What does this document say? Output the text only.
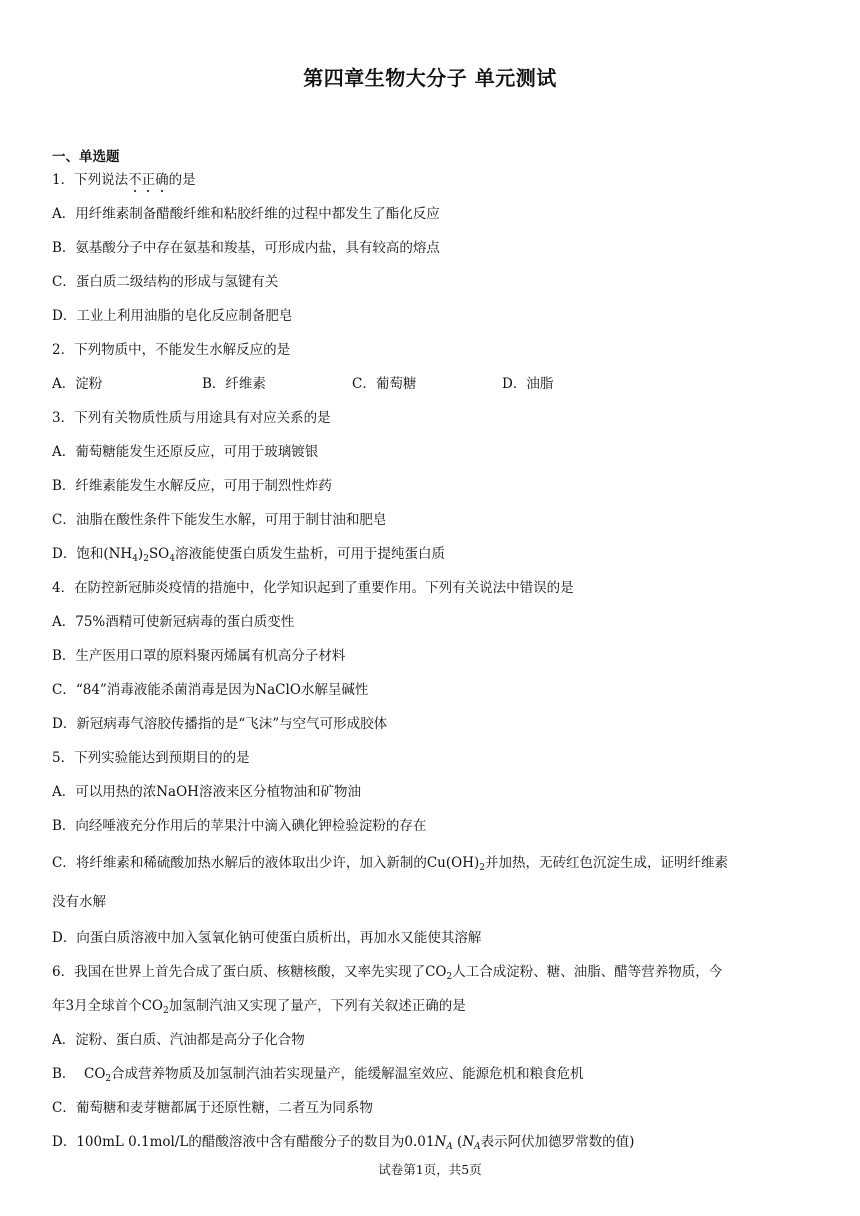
第四章生物大分子 单元测试
一、单选题
1．下列说法不正确的是
A．用纤维素制备醋酸纤维和粘胶纤维的过程中都发生了酯化反应
B．氨基酸分子中存在氨基和羧基，可形成内盐，具有较高的熔点
C．蛋白质二级结构的形成与氢键有关
D．工业上利用油脂的皂化反应制备肥皂
2．下列物质中，不能发生水解反应的是
A．淀粉	B．纤维素	C．葡萄糖	D．油脂
3．下列有关物质性质与用途具有对应关系的是
A．葡萄糖能发生还原反应，可用于玻璃镀银
B．纤维素能发生水解反应，可用于制烈性炸药
C．油脂在酸性条件下能发生水解，可用于制甘油和肥皂
D．饱和$(NH_4)_2SO_4$溶液能使蛋白质发生盐析，可用于提纯蛋白质
4．在防控新冠肺炎疫情的措施中，化学知识起到了重要作用。下列有关说法中错误的是
A．75%酒精可使新冠病毒的蛋白质变性
B．生产医用口罩的原料聚丙烯属有机高分子材料
C．“84”消毒液能杀菌消毒是因为NaClO水解呈碱性
D．新冠病毒气溶胶传播指的是“飞沫”与空气可形成胶体
5．下列实验能达到预期目的的是
A．可以用热的浓NaOH溶液来区分植物油和矿物油
B．向经唾液充分作用后的苹果汁中滴入碘化钾检验淀粉的存在
C．将纤维素和稀硫酸加热水解后的液体取出少许，加入新制的$Cu(OH)_2$并加热，无砖红色沉淀生成，证明纤维素
没有水解
D．向蛋白质溶液中加入氢氧化钠可使蛋白质析出，再加水又能使其溶解
6．我国在世界上首先合成了蛋白质、核糖核酸，又率先实现了$CO_2$人工合成淀粉、糖、油脂、醋等营养物质，今
年3月全球首个$CO_2$加氢制汽油又实现了量产，下列有关叙述正确的是
A．淀粉、蛋白质、汽油都是高分子化合物
B．  $CO_2$合成营养物质及加氢制汽油若实现量产，能缓解温室效应、能源危机和粮食危机
C．葡萄糖和麦芽糖都属于还原性糖，二者互为同系物
D．100mL 0.1mol/L的醋酸溶液中含有醋酸分子的数目为$0.01N_A$ ($N_A$表示阿伏加德罗常数的值)
试卷第1页，共5页
